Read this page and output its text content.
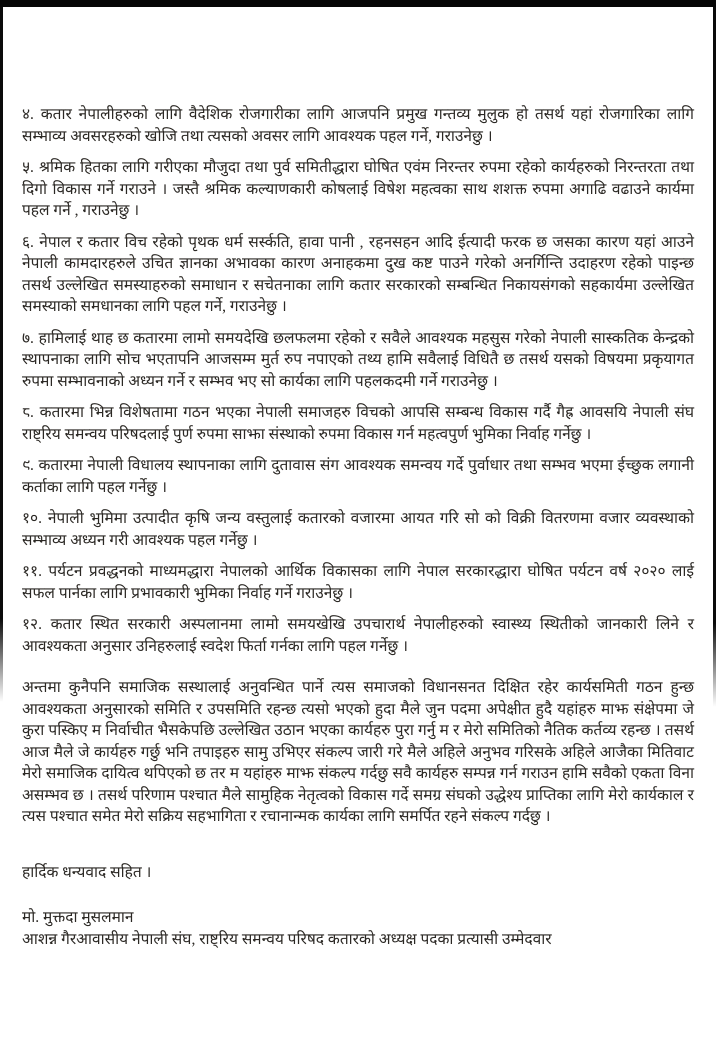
४. कतार नेपालीहरुको लागि वैदेशिक रोजगारीका लागि आजपनि प्रमुख गन्तव्य मुलुक हो तसर्थ यहां रोजगारिका लागि सम्भाव्य अवसरहरुको खोजि तथा त्यसको अवसर लागि आवश्यक पहल गर्ने, गराउनेछु ।

५. श्रमिक हितका लागि गरीएका मौजुदा तथा पुर्व समितीद्धारा घोषित एवंम निरन्तर रुपमा रहेको कार्यहरुको निरन्तरता तथा दिगो विकास गर्ने गराउने । जस्तै श्रमिक कल्याणकारी कोषलाई विषेश महत्वका साथ शशक्त रुपमा अगाढि वढाउने कार्यमा पहल गर्ने , गराउनेछु ।

६. नेपाल र कतार विच रहेको पृथक धर्म सर्स्कति, हावा पानी , रहनसहन आदि ईत्यादी फरक छ जसका कारण यहां आउने नेपाली कामदारहरुले उचित ज्ञानका अभावका कारण अनाहकमा दुख कष्ट पाउने गरेको अनर्गिन्ति उदाहरण रहेको पाइन्छ तसर्थ उल्लेखित समस्याहरुको समाधान र सचेतनाका लागि कतार सरकारको सम्बन्धित निकायसंगको सहकार्यमा उल्लेखित समस्याको समधानका लागि पहल गर्ने, गराउनेछु ।

७. हामिलाई थाह छ कतारमा लामो समयदेखि छलफलमा रहेको र सवैले आवश्यक महसुस गरेको नेपाली सास्कतिक केन्द्रको स्थापनाका लागि सोच भएतापनि आजसम्म मुर्त रुप नपाएको तथ्य हामि सवैलाई विधितै छ तसर्थ यसको विषयमा प्रकृयागत रुपमा सम्भावनाको अध्यन गर्ने र सम्भव भए सो कार्यका लागि पहलकदमी गर्ने गराउनेछु ।

८. कतारमा भिन्न विशेषतामा गठन भएका नेपाली समाजहरु विचको आपसि सम्बन्ध विकास गर्दै गैह्र आवसयि नेपाली संघ राष्ट्रिय समन्वय परिषदलाई पुर्ण रुपमा साझा संस्थाको रुपमा विकास गर्न महत्वपुर्ण भुमिका निर्वाह गर्नेछु ।

९. कतारमा नेपाली विधालय स्थापनाका लागि दुतावास संग आवश्यक समन्वय गर्दे पुर्वाधार तथा सम्भव भएमा ईच्छुक लगानी कर्ताका लागि पहल गर्नेछु ।

१०. नेपाली भुमिमा उत्पादीत कृषि जन्य वस्तुलाई कतारको वजारमा आयत गरि सो को विक्री वितरणमा वजार व्यवस्थाको सम्भाव्य अध्यन गरी आवश्यक पहल गर्नेछु ।

११. पर्यटन प्रवद्धनको माध्यमद्धारा नेपालको आर्थिक विकासका लागि नेपाल सरकारद्धारा घोषित पर्यटन वर्ष २०२० लाई सफल पार्नका लागि प्रभावकारी भुमिका निर्वाह गर्ने गराउनेछु ।

१२. कतार स्थित सरकारी अस्पलानमा लामो समयखेखि उपचारार्थ नेपालीहरुको स्वास्थ्य स्थितीको जानकारी लिने र आवश्यकता अनुसार उनिहरुलाई स्वदेश फिर्ता गर्नका लागि पहल गर्नेछु ।

अन्तमा कुनैपनि समाजिक सस्थालाई अनुवन्धित पार्ने त्यस समाजको विधानसनत दिक्षित रहेर कार्यसमिती गठन हुन्छ आवश्यकता अनुसारको समिति र उपसमिति रहन्छ त्यसो भएको हुदा मैले जुन पदमा अपेक्षीत हुदै यहांहरु माझ संक्षेपमा जे कुरा पस्किए म निर्वाचीत भैसकेपछि उल्लेखित उठान भएका कार्यहरु पुरा गर्नु म र मेरो समितिको नैतिक कर्तव्य रहन्छ । तसर्थ आज मैले जे कार्यहरु गर्छु भनि तपाइहरु सामु उभिएर संकल्प जारी गरे मैले अहिले अनुभव गरिसके अहिले आजैका मितिवाट मेरो समाजिक दायित्व थपिएको छ तर म यहांहरु माझ संकल्प गर्दछु सवै कार्यहरु सम्पन्न गर्न गराउन हामि सवैको एकता विना असम्भव छ । तसर्थ परिणाम पश्चात मैले सामुहिक नेतृत्वको विकास गर्दे समग्र संघको उद्धेश्य प्राप्तिका लागि मेरो कार्यकाल र त्यस पश्चात समेत मेरो सक्रिय सहभागिता र रचानान्मक कार्यका लागि समर्पित रहने संकल्प गर्दछु ।

हार्दिक धन्यवाद सहित ।

मो. मुक्तदा मुसलमान

आशन्न गैरआवासीय नेपाली संघ, राष्ट्रिय समन्वय परिषद कतारको अध्यक्ष पदका प्रत्यासी उम्मेदवार
